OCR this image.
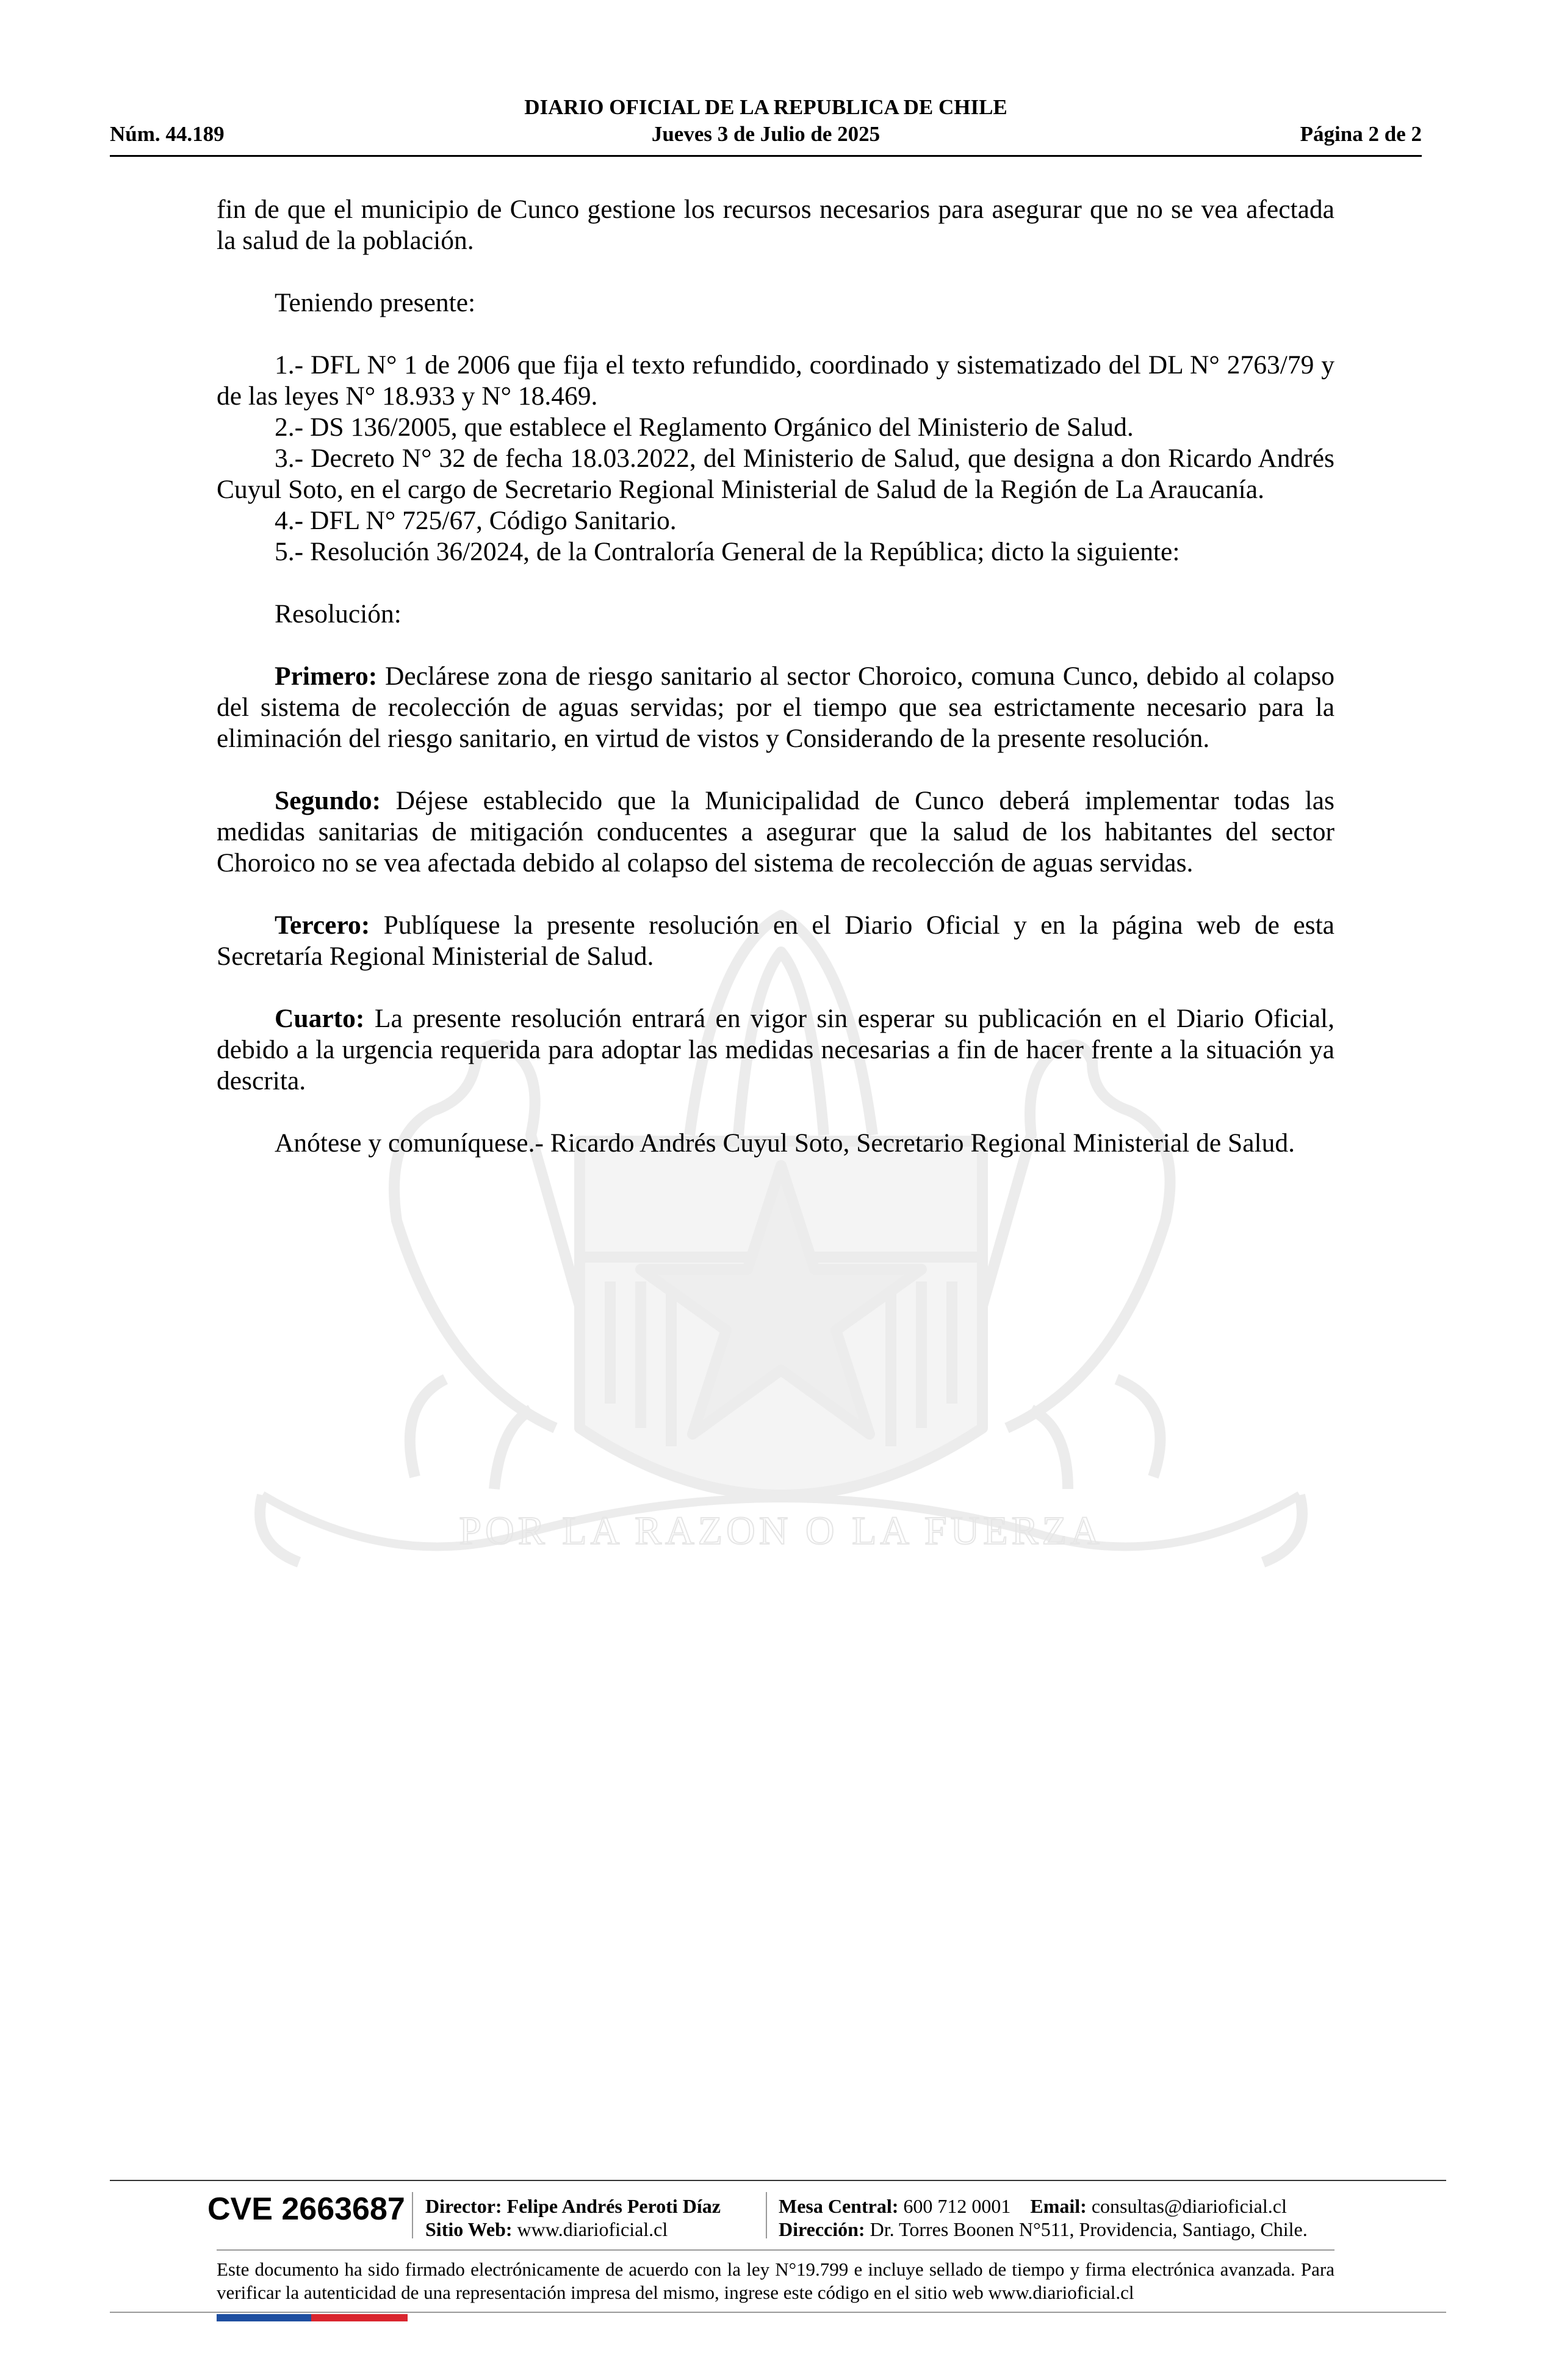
POR LA RAZON O LA FUERZA
DIARIO OFICIAL DE LA REPUBLICA DE CHILE
Núm. 44.189	Jueves 3 de Julio de 2025	Página 2 de 2

fin de que el municipio de Cunco gestione los recursos necesarios para asegurar que no se vea afectada la salud de la población.

Teniendo presente:

1.- DFL N° 1 de 2006 que fija el texto refundido, coordinado y sistematizado del DL N° 2763/79 y de las leyes N° 18.933 y N° 18.469.

2.- DS 136/2005, que establece el Reglamento Orgánico del Ministerio de Salud.

3.- Decreto N° 32 de fecha 18.03.2022, del Ministerio de Salud, que designa a don Ricardo Andrés Cuyul Soto, en el cargo de Secretario Regional Ministerial de Salud de la Región de La Araucanía.

4.- DFL N° 725/67, Código Sanitario.

5.- Resolución 36/2024, de la Contraloría General de la República; dicto la siguiente:

Resolución:

Primero: Declárese zona de riesgo sanitario al sector Choroico, comuna Cunco, debido al colapso del sistema de recolección de aguas servidas; por el tiempo que sea estrictamente necesario para la eliminación del riesgo sanitario, en virtud de vistos y Considerando de la presente resolución.

Segundo: Déjese establecido que la Municipalidad de Cunco deberá implementar todas las medidas sanitarias de mitigación conducentes a asegurar que la salud de los habitantes del sector Choroico no se vea afectada debido al colapso del sistema de recolección de aguas servidas.

Tercero: Publíquese la presente resolución en el Diario Oficial y en la página web de esta Secretaría Regional Ministerial de Salud.

Cuarto: La presente resolución entrará en vigor sin esperar su publicación en el Diario Oficial, debido a la urgencia requerida para adoptar las medidas necesarias a fin de hacer frente a la situación ya descrita.

Anótese y comuníquese.- Ricardo Andrés Cuyul Soto, Secretario Regional Ministerial de Salud.

CVE 2663687 Director: Felipe Andrés Peroti Díaz
Sitio Web: www.diarioficial.cl
Mesa Central: 600 712 0001 Email: consultas@diarioficial.cl
Dirección: Dr. Torres Boonen N°511, Providencia, Santiago, Chile.

Este documento ha sido firmado electrónicamente de acuerdo con la ley N°19.799 e incluye sellado de tiempo y firma electrónica avanzada. Para verificar la autenticidad de una representación impresa del mismo, ingrese este código en el sitio web www.diarioficial.cl
